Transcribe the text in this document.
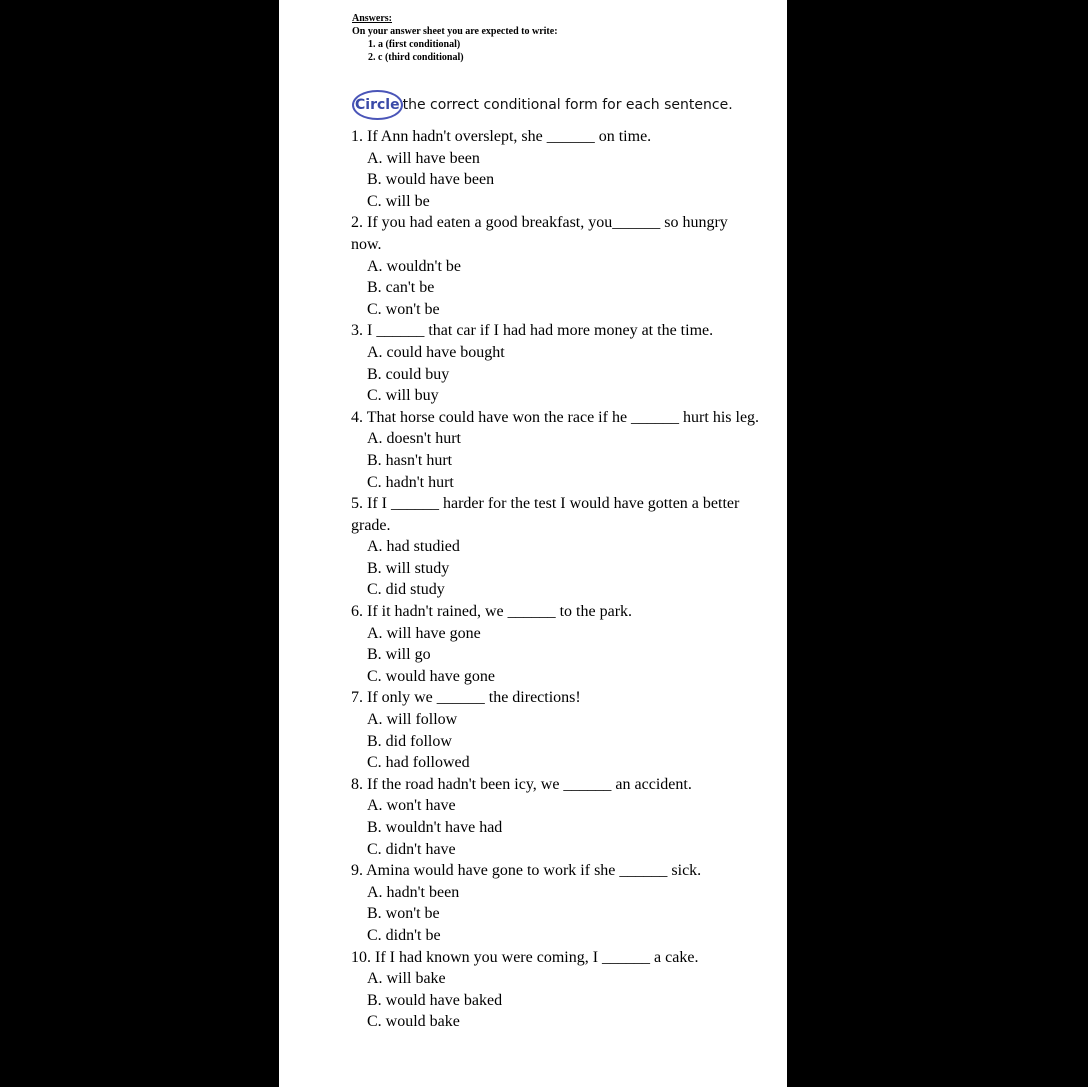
Answers:
On your answer sheet you are expected to write:
1. a (first conditional)
2. c (third conditional)
Circle the correct conditional form for each sentence.

1. If Ann hadn't overslept, she ______ on time.

A. will have been

B. would have been

C. will be

2. If you had eaten a good breakfast, you______ so hungry now.

A. wouldn't be

B. can't be

C. won't be

3. I ______ that car if I had had more money at the time.

A. could have bought

B. could buy

C. will buy

4. That horse could have won the race if he ______ hurt his leg.

A. doesn't hurt

B. hasn't hurt

C. hadn't hurt

5. If I ______ harder for the test I would have gotten a better grade.

A. had studied

B. will study

C. did study

6. If it hadn't rained, we ______ to the park.

A. will have gone

B. will go

C. would have gone

7. If only we ______ the directions!

A. will follow

B. did follow

C. had followed

8. If the road hadn't been icy, we ______ an accident.

A. won't have

B. wouldn't have had

C. didn't have

9. Amina would have gone to work if she ______ sick.

A. hadn't been

B. won't be

C. didn't be

10. If I had known you were coming, I ______ a cake.

A. will bake

B. would have baked

C. would bake
